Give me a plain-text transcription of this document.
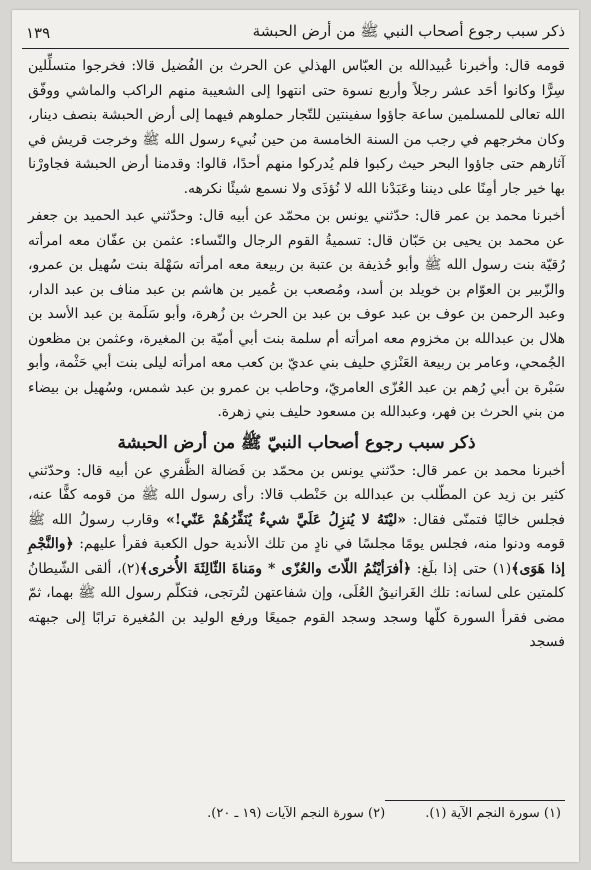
١٣٩	ذكر سبب رجوع أصحاب النبي ﷺ من أرض الحبشة

قومه قال: وأخبرنا عُبيدالله بن العبّاس الهذلي عن الحرث بن الفُضيل قالا: فخرجوا متسلِّلين سِرًّا وكانوا أحَد عشر رجلاً وأربع نسوة حتى انتهوا إلى الشعيبة منهم الراكب والماشي ووفّق الله تعالى للمسلمين ساعة جاؤوا سفينتين للتّجار حملوهم فيهما إلى أرض الحبشة بنصف دينار، وكان مخرجهم في رجب من السنة الخامسة من حين نُبيء رسول الله ﷺ وخرجت قريش في آثارهم حتى جاؤوا البحر حيث ركبوا فلم يُدركوا منهم أحدًا، قالوا: وقدمنا أرض الحبشة فجاورْنا بها خير جار أمِنًا على ديننا وعَبَدْنا الله لا نُؤذَى ولا نسمع شيئًا نكرهه.

أخبرنا محمد بن عمر قال: حدّثني يونس بن محمّد عن أبيه قال: وحدّثني عبد الحميد بن جعفر عن محمد بن يحيى بن حَبّان قال: تسميةُ القوم الرجال والنّساء: عثمن بن عفّان معه امرأته رُقيّة بنت رسول الله ﷺ وأبو حُذيفة بن عتبة بن ربيعة معه امرأته سَهْلة بنت سُهيل بن عمرو، والزّبير بن العوّام بن خويلد بن أسد، ومُصعب بن عُمير بن هاشم بن عبد مناف بن عبد الدار، وعبد الرحمن بن عوف بن عبد عوف بن عبد بن الحرث بن زُهرة، وأبو سَلَمة بن عبد الأسد بن هلال بن عبدالله بن مخزوم معه امرأته أم سلمة بنت أبي أميّة بن المغيرة، وعثمن بن مظعون الجُمحي، وعامر بن ربيعة العَنْزي حليف بني عديّ بن كعب معه امرأته ليلى بنت أبي حَثْمة، وأبو سَبْرة بن أبي رُهم بن عبد العُزّى العامريّ، وحاطب بن عمرو بن عبد شمس، وسُهيل بن بيضاء من بني الحرث بن فهر، وعبدالله بن مسعود حليف بني زهرة.

ذكر سبب رجوع أصحاب النبيّ ﷺ من أرض الحبشة

أخبرنا محمد بن عمر قال: حدّثني يونس بن محمّد بن فَضالة الظَّفري عن أبيه قال: وحدّثني كثير بن زيد عن المطّلب بن عبدالله بن حَنْطب قالا: رأى رسول الله ﷺ من قومه كفًّا عنه، فجلس خاليًا فتمنّى فقال: «ليْتَهُ لا يُنزِلُ عَلَيَّ شيءٌ يُنَفِّرُهُمْ عَنّي!» وقارب رسولُ الله ﷺ قومه ودنوا منه، فجلس يومًا مجلسًا في نادٍ من تلك الأندية حول الكعبة فقرأ عليهم: ﴿والنَّجْمِ إذا هَوَى﴾(١) حتى إذا بلَغ: ﴿أفرَأيْتُمُ اللّاتَ والعُزّى * ومَناةَ الثّالِثَةَ الأُخرى﴾(٢)، ألقى الشّيطانُ كلمتين على لسانه: تلك الغَرانيقُ العُلَى، وإن شفاعتهن لتُرتجى، فتكلّم رسول الله ﷺ بهما، ثمّ مضى فقرأ السورة كلّها وسجد وسجد القوم جميعًا ورفع الوليد بن المُغيرة ترابًا إلى جبهته فسجد

(١) سورة النجم الآية (١).
(٢) سورة النجم الآيات (١٩ ـ ٢٠).
